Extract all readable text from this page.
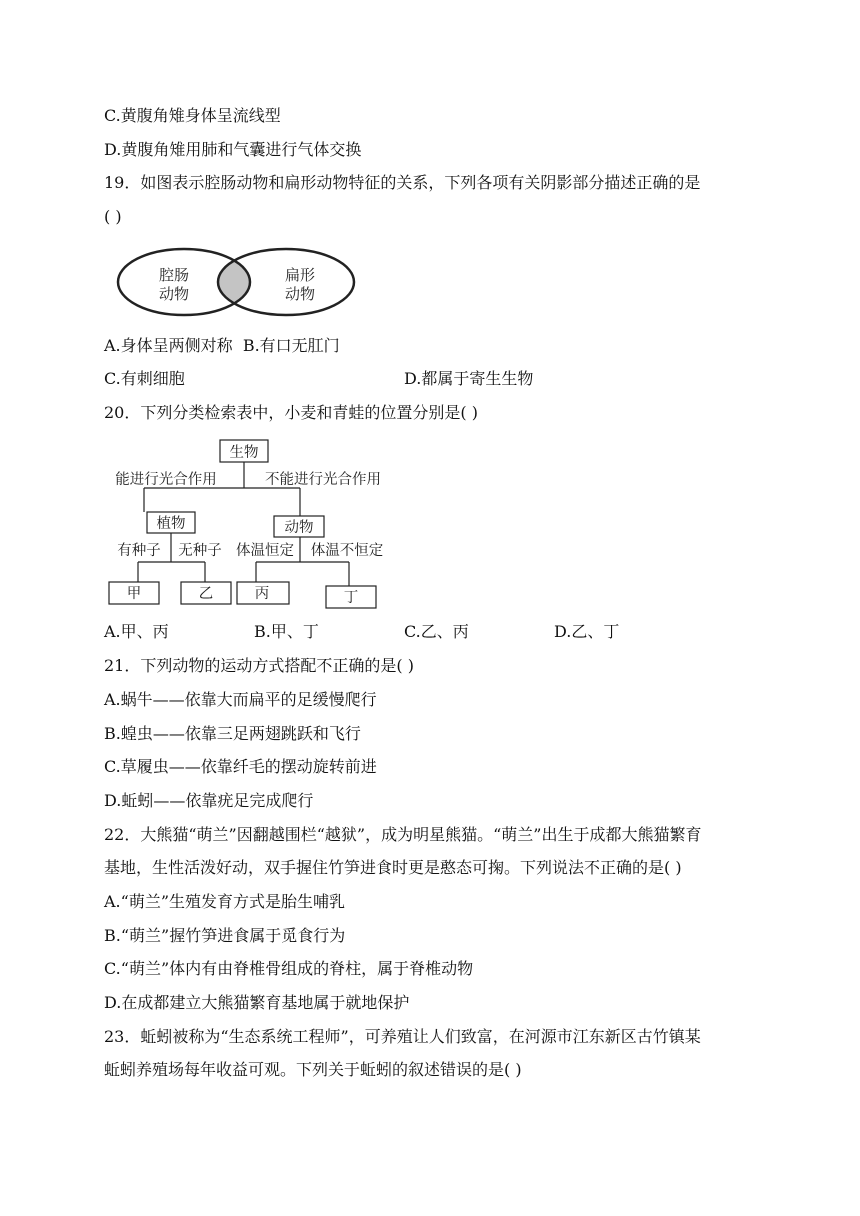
C.黄腹角雉身体呈流线型
D.黄腹角雉用肺和气囊进行气体交换
19．如图表示腔肠动物和扁形动物特征的关系，下列各项有关阴影部分描述正确的是
( )
腔肠
动物
扁形
动物
A.身体呈两侧对称 B.有口无肛门
C.有刺细胞	D.都属于寄生生物
20．下列分类检索表中，小麦和青蛙的位置分别是( )
生物
能进行光合作用	不能进行光合作用
植物	动物
有种子 无种子 体温恒定 体温不恒定
甲	乙	丙	丁
A.甲、丙	B.甲、丁	C.乙、丙	D.乙、丁
21．下列动物的运动方式搭配不正确的是( )
A.蜗牛——依靠大而扁平的足缓慢爬行
B.蝗虫——依靠三足两翅跳跃和飞行
C.草履虫——依靠纤毛的摆动旋转前进
D.蚯蚓——依靠疣足完成爬行
22．大熊猫“萌兰”因翻越围栏“越狱”，成为明星熊猫。“萌兰”出生于成都大熊猫繁育
基地，生性活泼好动，双手握住竹笋进食时更是憨态可掬。下列说法不正确的是( )
A.“萌兰”生殖发育方式是胎生哺乳
B.“萌兰”握竹笋进食属于觅食行为
C.“萌兰”体内有由脊椎骨组成的脊柱，属于脊椎动物
D.在成都建立大熊猫繁育基地属于就地保护
23．蚯蚓被称为“生态系统工程师”，可养殖让人们致富，在河源市江东新区古竹镇某
蚯蚓养殖场每年收益可观。下列关于蚯蚓的叙述错误的是( )
